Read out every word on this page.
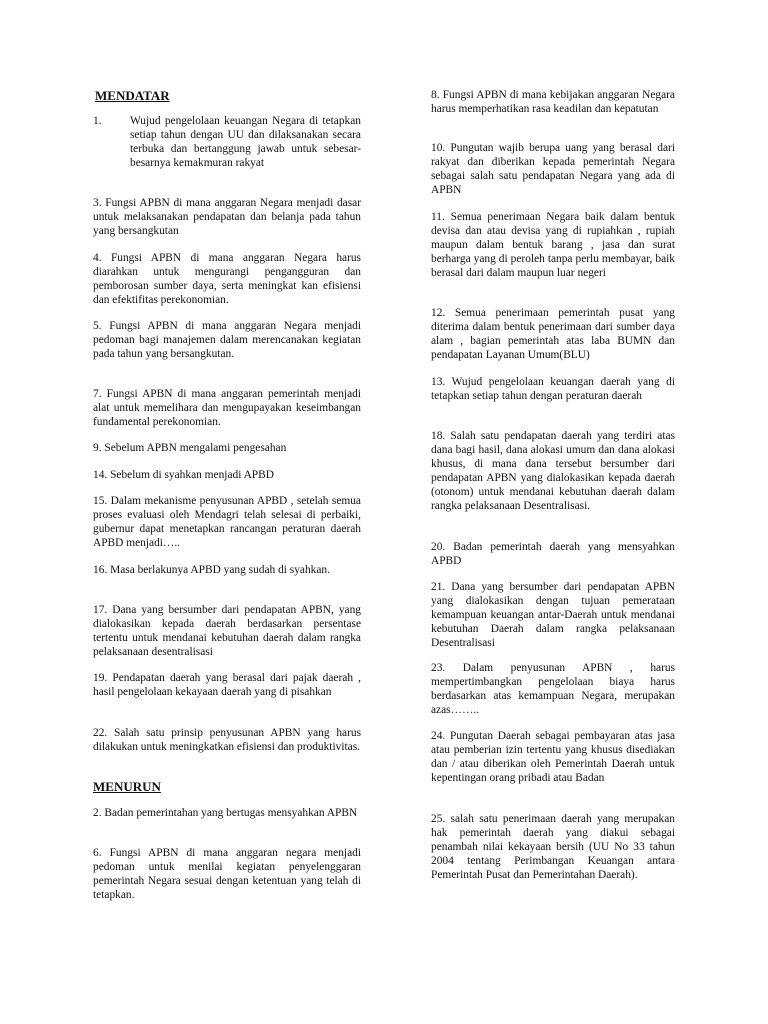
MENDATAR

1.	Wujud pengelolaan keuangan Negara di tetapkan setiap tahun dengan UU dan dilaksanakan secara terbuka dan bertanggung jawab untuk sebesar-besarnya kemakmuran rakyat

3. Fungsi APBN di mana anggaran Negara menjadi dasar untuk melaksanakan pendapatan dan belanja pada tahun yang bersangkutan

4. Fungsi APBN di mana anggaran Negara harus diarahkan untuk mengurangi pengangguran dan pemborosan sumber daya, serta meningkat kan efisiensi dan efektifitas perekonomian.

5. Fungsi APBN di mana anggaran Negara menjadi pedoman bagi manajemen dalam merencanakan kegiatan pada tahun yang bersangkutan.

7. Fungsi APBN di mana anggaran pemerintah menjadi alat untuk memelihara dan mengupayakan keseimbangan fundamental perekonomian.

9. Sebelum APBN mengalami pengesahan

14. Sebelum di syahkan menjadi APBD

15. Dalam mekanisme penyusunan APBD , setelah semua proses evaluasi oleh Mendagri telah selesai di perbaiki, gubernur dapat menetapkan rancangan peraturan daerah APBD menjadi…..

16. Masa berlakunya APBD yang sudah di syahkan.

17. Dana yang bersumber dari pendapatan APBN, yang dialokasikan kepada daerah berdasarkan persentase tertentu untuk mendanai kebutuhan daerah dalam rangka pelaksanaan desentralisasi

19. Pendapatan daerah yang berasal dari pajak daerah , hasil pengelolaan kekayaan daerah yang di pisahkan

22. Salah satu prinsip penyusunan APBN yang harus dilakukan untuk meningkatkan efisiensi dan produktivitas.

MENURUN

2. Badan pemerintahan yang bertugas mensyahkan APBN

6. Fungsi APBN di mana anggaran negara menjadi pedoman untuk menilai kegiatan penyelenggaran pemerintah Negara sesuai dengan ketentuan yang telah di tetapkan.

8. Fungsi APBN di mana kebijakan anggaran Negara harus memperhatikan rasa keadilan dan kepatutan

10. Pungutan wajib berupa uang yang berasal dari rakyat dan diberikan kepada pemerintah Negara sebagai salah satu pendapatan Negara yang ada di APBN

11. Semua penerimaan Negara baik dalam bentuk devisa dan atau devisa yang di rupiahkan , rupiah maupun dalam bentuk barang , jasa dan surat berharga yang di peroleh tanpa perlu membayar, baik berasal dari dalam maupun luar negeri

12. Semua penerimaan pemerintah pusat yang diterima dalam bentuk penerimaan dari sumber daya alam , bagian pemerintah atas laba BUMN dan pendapatan Layanan Umum(BLU)

13. Wujud pengelolaan keuangan daerah yang di tetapkan setiap tahun dengan peraturan daerah

18. Salah satu pendapatan daerah yang terdiri atas dana bagi hasil, dana alokasi umum dan dana alokasi khusus, di mana dana tersebut bersumber dari pendapatan APBN yang dialokasikan kepada daerah (otonom) untuk mendanai kebutuhan daerah dalam rangka pelaksanaan Desentralisasi.

20. Badan pemerintah daerah yang mensyahkan APBD

21. Dana yang bersumber dari pendapatan APBN yang dialokasikan dengan tujuan pemerataan kemampuan keuangan antar-Daerah untuk mendanai kebutuhan Daerah dalam rangka pelaksanaan Desentralisasi

23. Dalam penyusunan APBN , harus mempertimbangkan pengelolaan biaya harus berdasarkan atas kemampuan Negara, merupakan azas……..

24. Pungutan Daerah sebagai pembayaran atas jasa atau pemberian izin tertentu yang khusus disediakan dan / atau diberikan oleh Pemerintah Daerah untuk kepentingan orang pribadi atau Badan

25. salah satu penerimaan daerah yang merupakan hak pemerintah daerah yang diakui sebagai penambah nilai kekayaan bersih (UU No 33 tahun 2004 tentang Perimbangan Keuangan antara Pemerintah Pusat dan Pemerintahan Daerah).
